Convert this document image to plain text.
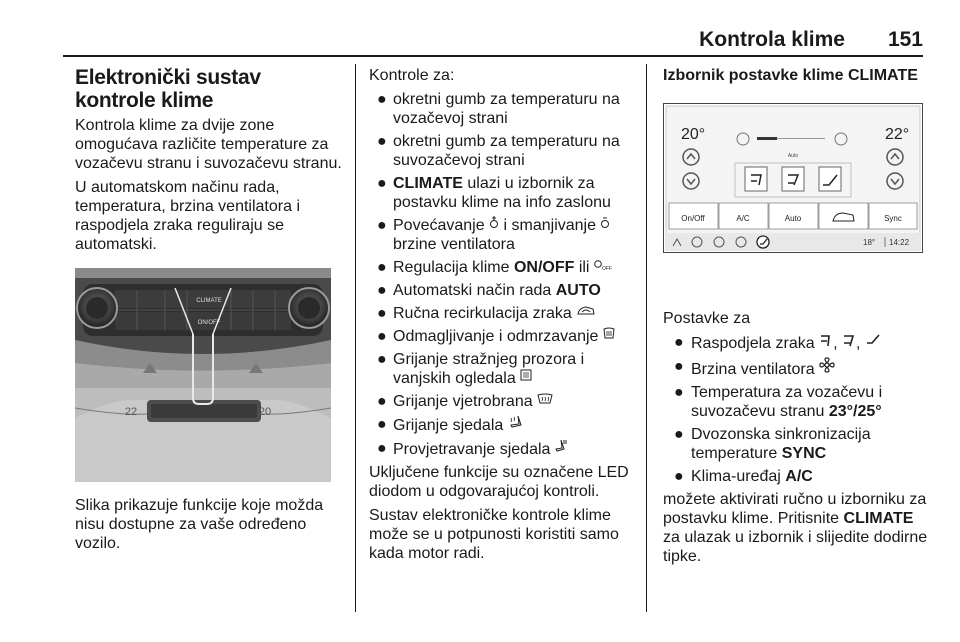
Kontrola klime 151
Elektronički sustav kontrole klime

Kontrola klime za dvije zone omogućava različite temperature za vozačevu stranu i suvozačevu stranu.

U automatskom načinu rada, temperatura, brzina ventilatora i raspodjela zraka reguliraju se automatski.

CLIMATE
ON/OFF
22	20

Slika prikazuje funkcije koje možda nisu dostupne za vaše određeno vozilo.

Kontrole za:

● okretni gumb za temperaturu na vozačevoj strani
● okretni gumb za temperaturu na suvozačevoj strani
● CLIMATE ulazi u izbornik za postavku klime na info zaslonu
● Povećavanje  i smanjivanje  brzine ventilatora
● Regulacija klime ON/OFF ili OFF
● Automatski način rada AUTO
● Ručna recirkulacija zraka
● Odmagljivanje i odmrzavanje
● Grijanje stražnjeg prozora i vanjskih ogledala
● Grijanje vjetrobrana
● Grijanje sjedala
● Provjetravanje sjedala

Uključene funkcije su označene LED diodom u odgovarajućoj kontroli.

Sustav elektroničke kontrole klime može se u potpunosti koristiti samo kada motor radi.

Izbornik postavke klime CLIMATE
20°	22°
Auto
On/Off	A/C	Auto	Sync
18° 14:22

Postavke za

● Raspodjela zraka , ,
● Brzina ventilatora
● Temperatura za vozačevu i suvozačevu stranu 23°/25°
● Dvozonska sinkronizacija temperature SYNC
● Klima-uređaj A/C

možete aktivirati ručno u izborniku za postavku klime. Pritisnite CLIMATE za ulazak u izbornik i slijedite dodirne tipke.
